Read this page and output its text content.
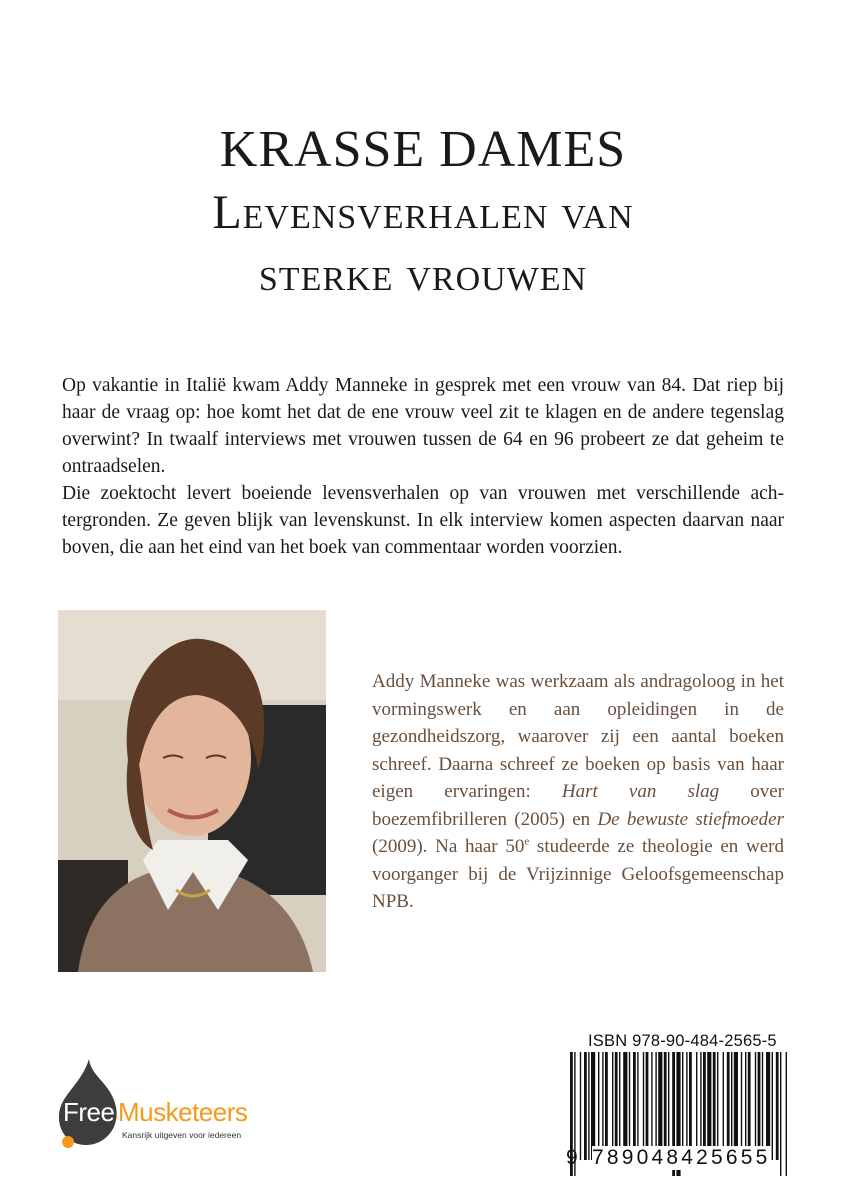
KRASSE DAMES
Levensverhalen van
sterke vrouwen

Op vakantie in Italië kwam Addy Manneke in gesprek met een vrouw van 84. Dat riep bij haar de vraag op: hoe komt het dat de ene vrouw veel zit te klagen en de andere tegenslag overwint? In twaalf interviews met vrouwen tussen de 64 en 96 probeert ze dat geheim te ontraadselen.

Die zoektocht levert boeiende levensverhalen op van vrouwen met verschillende achtergronden. Ze geven blijk van levenskunst. In elk interview komen aspecten daarvan naar boven, die aan het eind van het boek van commentaar worden voorzien.

Addy Manneke was werkzaam als andragoloog in het vormingswerk en aan opleidingen in de gezondheidszorg, waarover zij een aantal boeken schreef. Daarna schreef ze boeken op basis van haar eigen ervaringen: Hart van slag over boezemfibrilleren (2005) en De bewuste stiefmoeder (2009). Na haar 50e studeerde ze theologie en werd voorganger bij de Vrijzinnige Geloofsgemeenschap NPB.

Free Musketeers
Kansrijk uitgeven voor iedereen
ISBN 978-90-484-2565-5
9 789048425655
